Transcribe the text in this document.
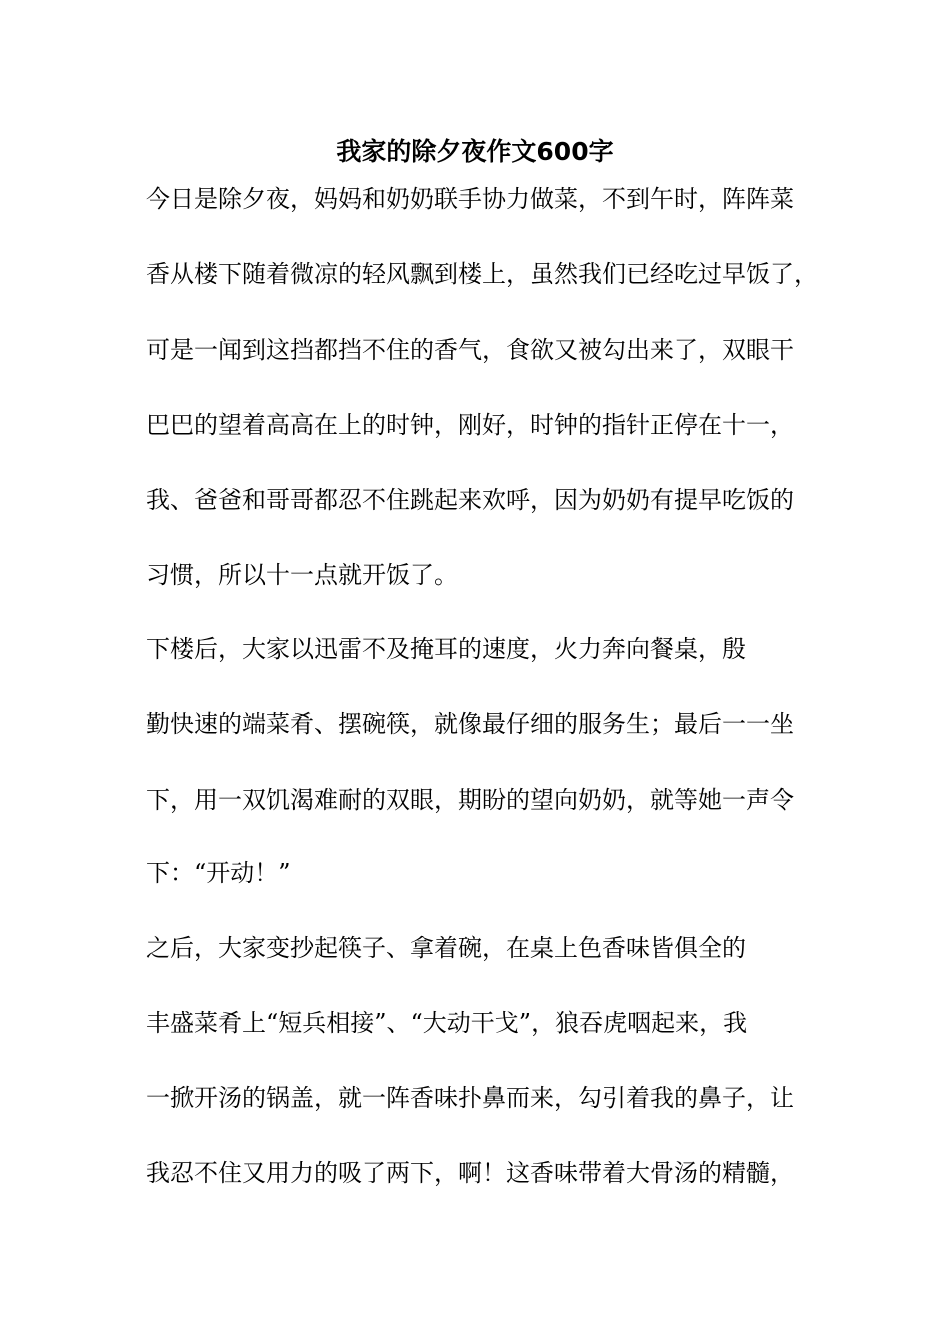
我家的除夕夜作文600字

今日是除夕夜，妈妈和奶奶联手协力做菜，不到午时，阵阵菜

香从楼下随着微凉的轻风飘到楼上，虽然我们已经吃过早饭了，

可是一闻到这挡都挡不住的香气，食欲又被勾出来了，双眼干

巴巴的望着高高在上的时钟，刚好，时钟的指针正停在十一，

我、爸爸和哥哥都忍不住跳起来欢呼，因为奶奶有提早吃饭的

习惯，所以十一点就开饭了。

下楼后，大家以迅雷不及掩耳的速度，火力奔向餐桌，殷

勤快速的端菜肴、摆碗筷，就像最仔细的服务生；最后一一坐

下，用一双饥渴难耐的双眼，期盼的望向奶奶，就等她一声令

下：“开动！”

之后，大家变抄起筷子、拿着碗，在桌上色香味皆俱全的

丰盛菜肴上“短兵相接”、“大动干戈”，狼吞虎咽起来，我

一掀开汤的锅盖，就一阵香味扑鼻而来，勾引着我的鼻子，让

我忍不住又用力的吸了两下，啊！这香味带着大骨汤的精髓，
